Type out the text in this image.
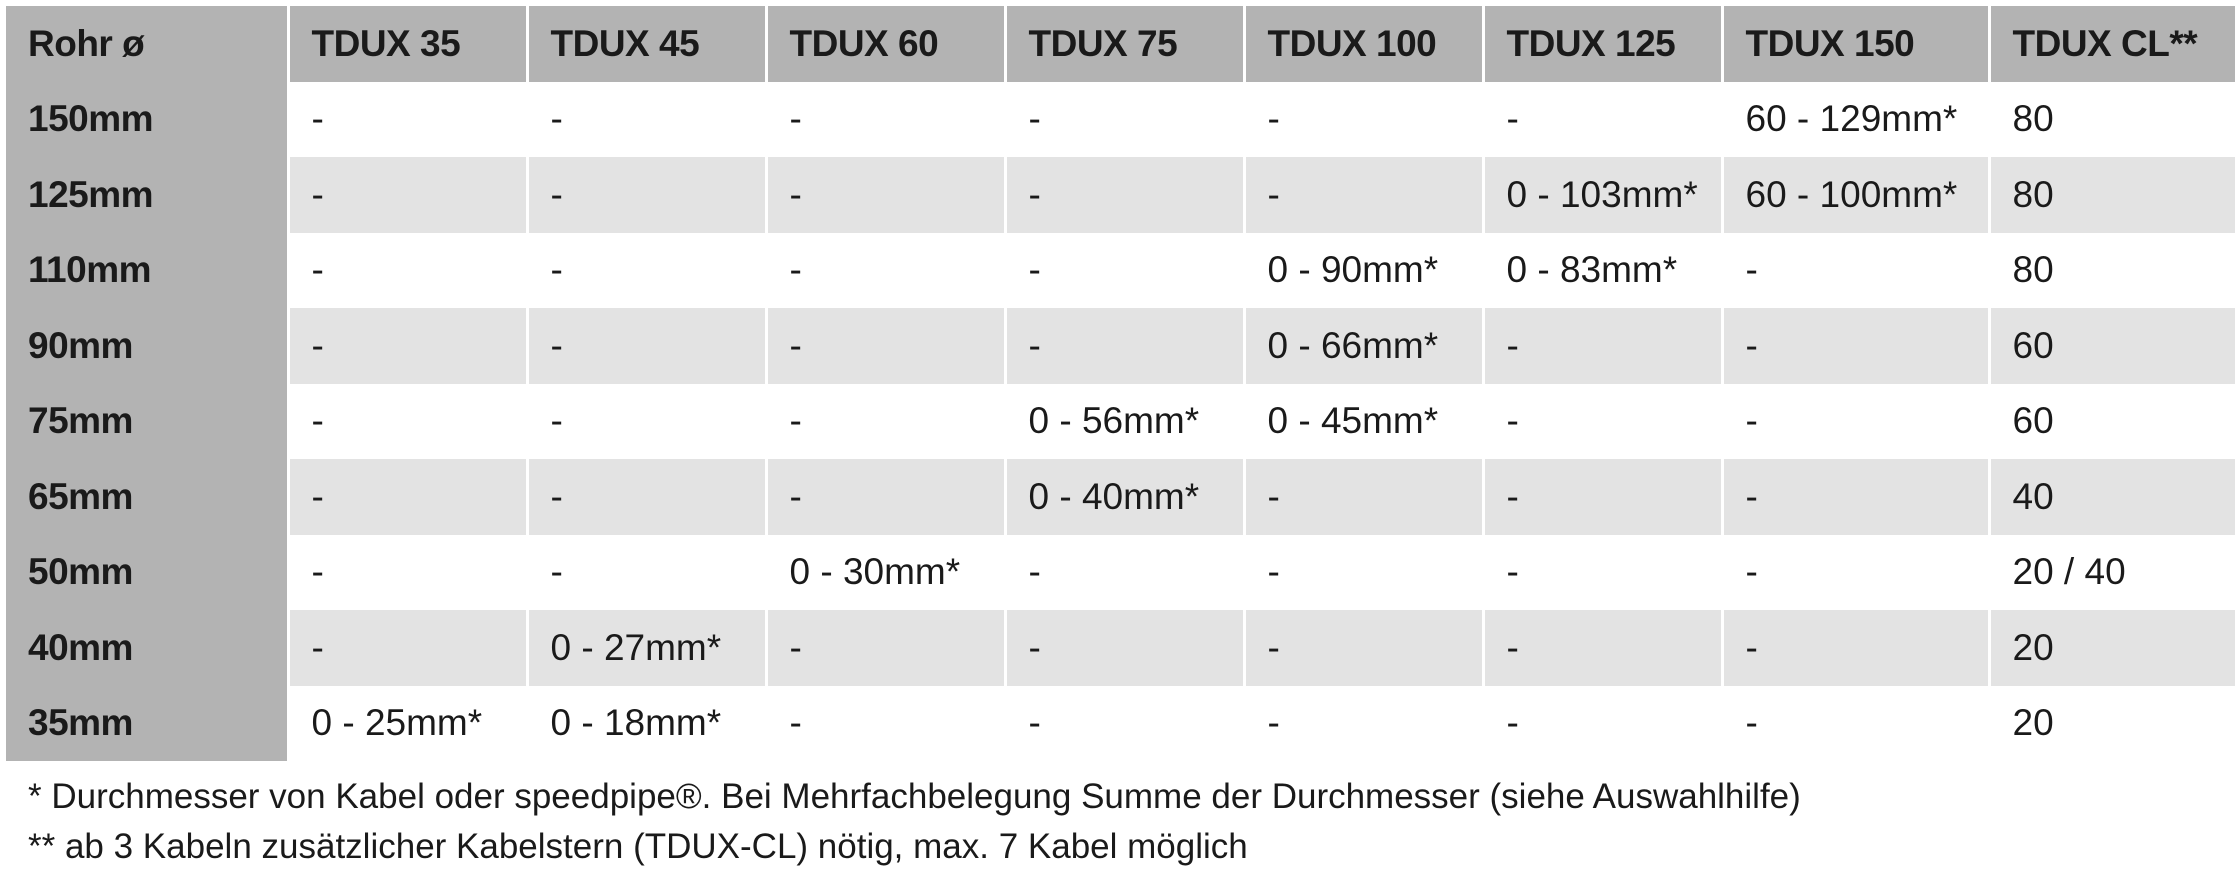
Rohr ø	TDUX 35	TDUX 45	TDUX 60	TDUX 75	TDUX 100	TDUX 125	TDUX 150	TDUX CL**
150mm	-	-	-	-	-	-	60 - 129mm*	80
125mm	-	-	-	-	-	0 - 103mm*	60 - 100mm*	80
110mm	-	-	-	-	0 - 90mm*	0 - 83mm*	-	80
90mm	-	-	-	-	0 - 66mm*	-	-	60
75mm	-	-	-	0 - 56mm*	0 - 45mm*	-	-	60
65mm	-	-	-	0 - 40mm*	-	-	-	40
50mm	-	-	0 - 30mm*	-	-	-	-	20 / 40
40mm	-	0 - 27mm*	-	-	-	-	-	20
35mm	0 - 25mm*	0 - 18mm*	-	-	-	-	-	20

* Durchmesser von Kabel oder speedpipe®. Bei Mehrfachbelegung Summe der Durchmesser (siehe Auswahlhilfe)

** ab 3 Kabeln zusätzlicher Kabelstern (TDUX-CL) nötig, max. 7 Kabel möglich
